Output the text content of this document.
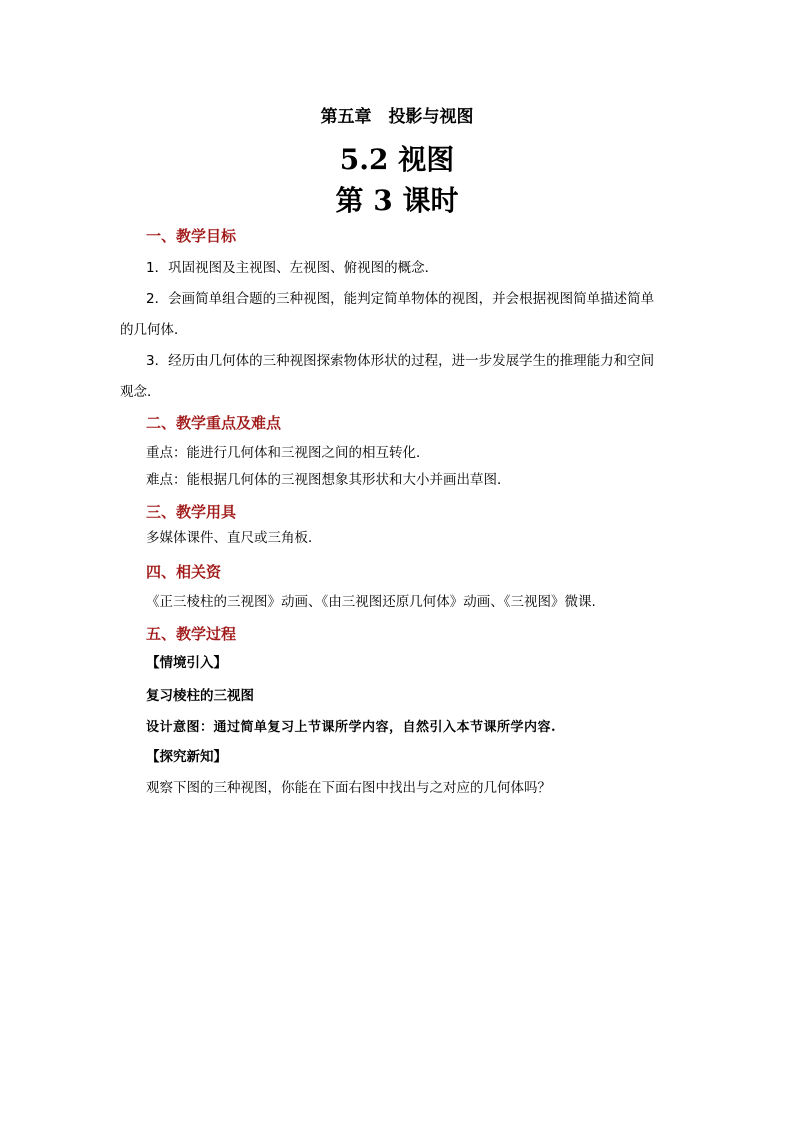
第五章　投影与视图
5.2 视图
第 3 课时
一、教学目标
1．巩固视图及主视图、左视图、俯视图的概念．
2．会画简单组合题的三种视图，能判定简单物体的视图，并会根据视图简单描述简单
的几何体．
3．经历由几何体的三种视图探索物体形状的过程，进一步发展学生的推理能力和空间
观念．
二、教学重点及难点
重点：能进行几何体和三视图之间的相互转化．
难点：能根据几何体的三视图想象其形状和大小并画出草图．
三、教学用具
多媒体课件、直尺或三角板．
四、相关资
《正三棱柱的三视图》动画、《由三视图还原几何体》动画、《三视图》微课.
五、教学过程
【情境引入】
复习棱柱的三视图
设计意图：通过简单复习上节课所学内容，自然引入本节课所学内容.
【探究新知】
观察下图的三种视图，你能在下面右图中找出与之对应的几何体吗？
